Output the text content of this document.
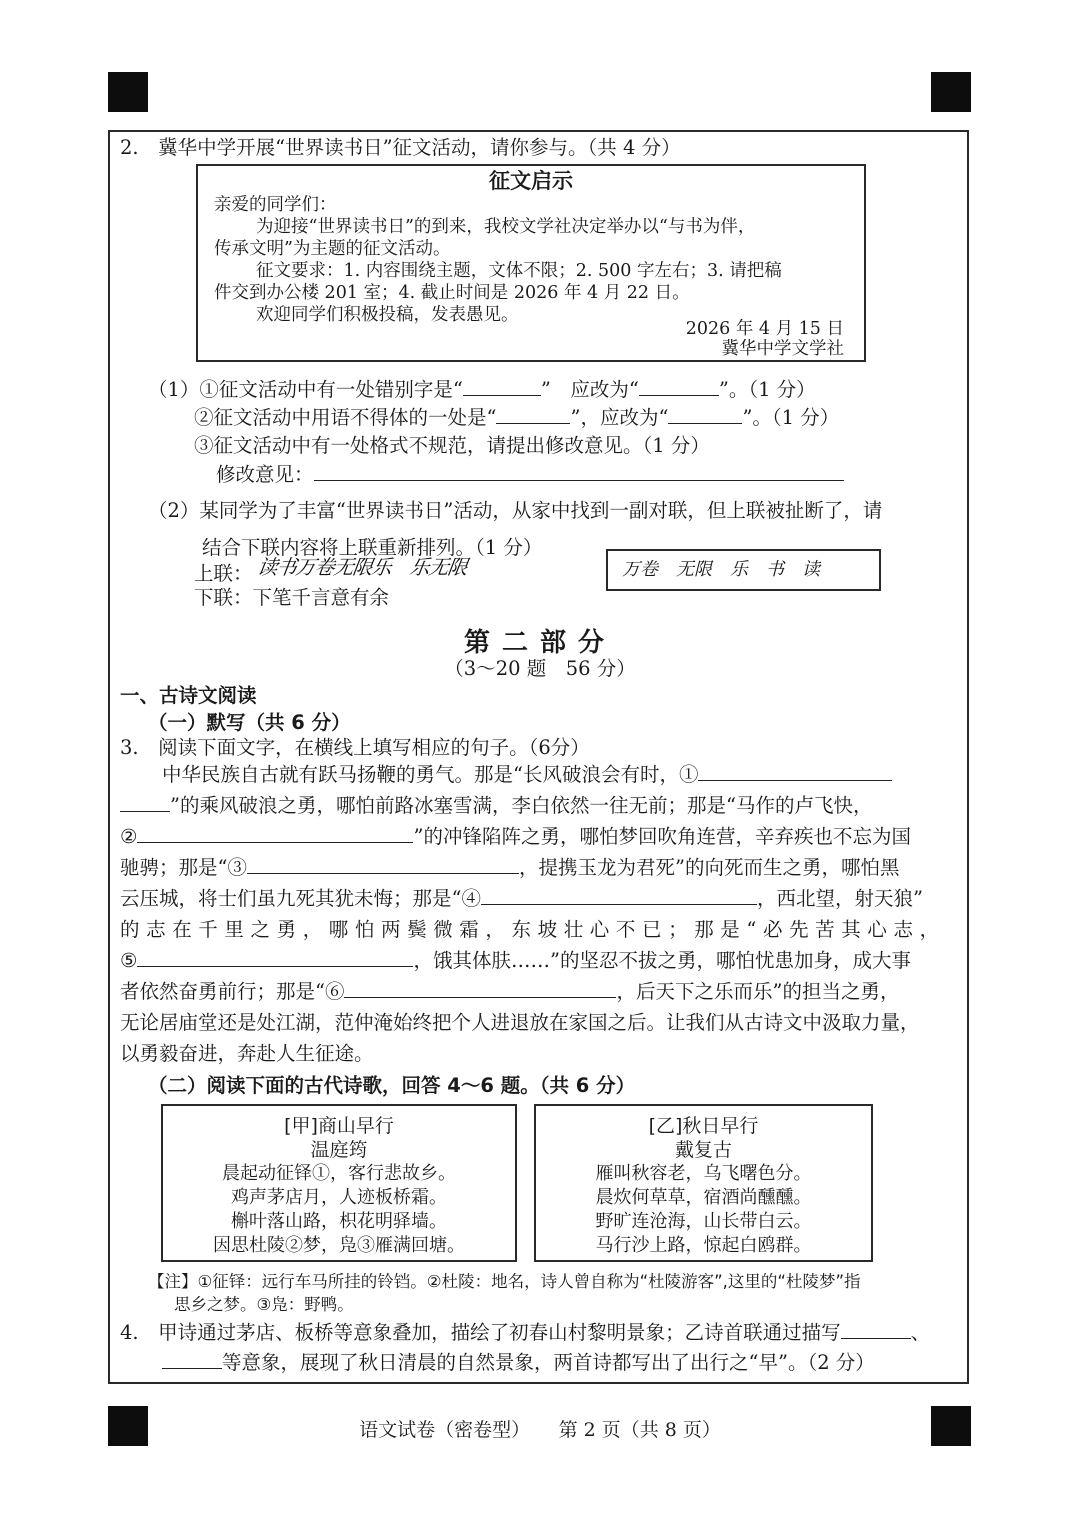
2.　冀华中学开展“世界读书日”征文活动，请你参与。（共 4 分）
征文启示
亲爱的同学们：
为迎接“世界读书日”的到来，我校文学社决定举办以“与书为伴，
传承文明”为主题的征文活动。
征文要求：1. 内容围绕主题，文体不限；2. 500 字左右；3. 请把稿
件交到办公楼 201 室；4. 截止时间是 2026 年 4 月 22 日。
欢迎同学们积极投稿，发表愚见。
2026 年 4 月 15 日
冀华中学文学社
（1）①征文活动中有一处错别字是“	”　应改为“	”。（1 分）
②征文活动中用语不得体的一处是“	”，应改为“	”。（1 分）
③征文活动中有一处格式不规范，请提出修改意见。（1 分）
修改意见：
（2）某同学为了丰富“世界读书日”活动，从家中找到一副对联，但上联被扯断了，请
结合下联内容将上联重新排列。（1 分）
上联： 读书万卷无限乐　乐无限
下联：下笔千言意有余
万卷　无限　乐　书　读
第二部分
（3～20 题　56 分）
一、古诗文阅读
（一）默写（共 6 分）
3.　阅读下面文字，在横线上填写相应的句子。（6分）
中华民族自古就有跃马扬鞭的勇气。那是“长风破浪会有时，①
”的乘风破浪之勇，哪怕前路冰塞雪满，李白依然一往无前；那是“马作的卢飞快，
②	”的冲锋陷阵之勇，哪怕梦回吹角连营，辛弃疾也不忘为国
驰骋；那是“③	，提携玉龙为君死”的向死而生之勇，哪怕黑
云压城，将士们虽九死其犹未悔；那是“④	，西北望，射天狼”
的志在千里之勇，哪怕两鬓微霜，东坡壮心不已；那是“必先苦其心志，
⑤	，饿其体肤……”的坚忍不拔之勇，哪怕忧患加身，成大事
者依然奋勇前行；那是“⑥	，后天下之乐而乐”的担当之勇，
无论居庙堂还是处江湖，范仲淹始终把个人进退放在家国之后。让我们从古诗文中汲取力量，
以勇毅奋进，奔赴人生征途。
（二）阅读下面的古代诗歌，回答 4～6 题。（共 6 分）
[甲]商山早行
温庭筠
晨起动征铎①，客行悲故乡。
鸡声茅店月，人迹板桥霜。
槲叶落山路，枳花明驿墙。
因思杜陵②梦，凫③雁满回塘。
[乙]秋日早行
戴复古
雁叫秋容老，乌飞曙色分。
晨炊何草草，宿酒尚醺醺。
野旷连沧海，山长带白云。
马行沙上路，惊起白鸥群。
【注】①征铎：远行车马所挂的铃铛。②杜陵：地名，诗人曾自称为“杜陵游客”,这里的“杜陵梦”指
思乡之梦。③凫：野鸭。
4.　甲诗通过茅店、板桥等意象叠加，描绘了初春山村黎明景象；乙诗首联通过描写	、
等意象，展现了秋日清晨的自然景象，两首诗都写出了出行之“早”。（2 分）
语文试卷（密卷型）　　第 2 页（共 8 页）
